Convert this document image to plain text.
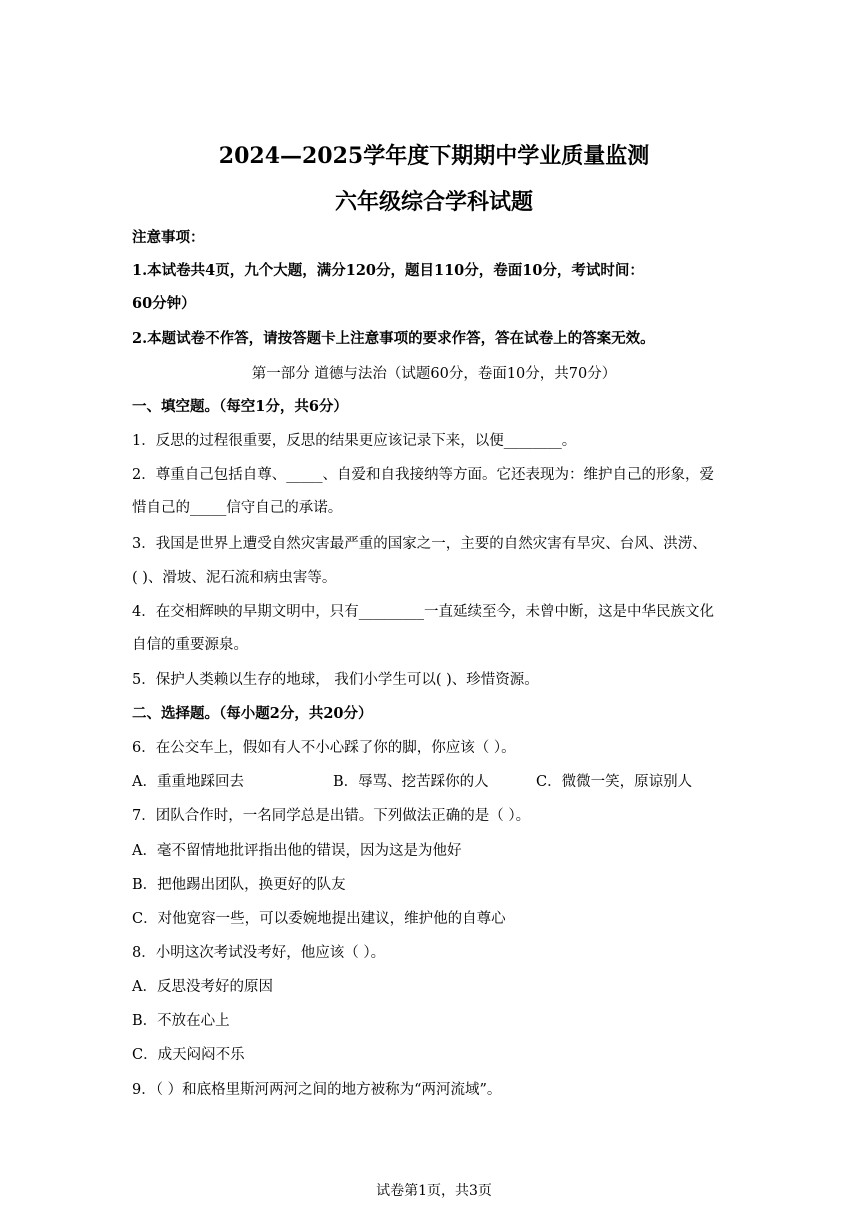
2024—2025学年度下期期中学业质量监测
六年级综合学科试题
注意事项：
1.本试卷共4页，九个大题，满分120分，题目110分，卷面10分，考试时间：
60分钟）
2.本题试卷不作答，请按答题卡上注意事项的要求作答，答在试卷上的答案无效。
第一部分 道德与法治（试题60分，卷面10分，共70分）
一、填空题。（每空1分，共6分）
1．反思的过程很重要，反思的结果更应该记录下来，以便________。
2．尊重自己包括自尊、_____、自爱和自我接纳等方面。它还表现为：维护自己的形象，爱
惜自己的_____信守自己的承诺。
3．我国是世界上遭受自然灾害最严重的国家之一，主要的自然灾害有旱灾、台风、洪涝、
( )、滑坡、泥石流和病虫害等。
4．在交相辉映的早期文明中，只有_________一直延续至今，未曾中断，这是中华民族文化
自信的重要源泉。
5．保护人类赖以生存的地球， 我们小学生可以( )、珍惜资源。
二、选择题。（每小题2分，共20分）
6．在公交车上，假如有人不小心踩了你的脚，你应该（ ）。
A．重重地踩回去	B．辱骂、挖苦踩你的人	C．微微一笑，原谅别人
7．团队合作时，一名同学总是出错。下列做法正确的是（ ）。
A．毫不留情地批评指出他的错误，因为这是为他好
B．把他踢出团队，换更好的队友
C．对他宽容一些，可以委婉地提出建议，维护他的自尊心
8．小明这次考试没考好，他应该（ ）。
A．反思没考好的原因
B．不放在心上
C．成天闷闷不乐
9．（ ）和底格里斯河两河之间的地方被称为“两河流域”。
试卷第1页，共3页
